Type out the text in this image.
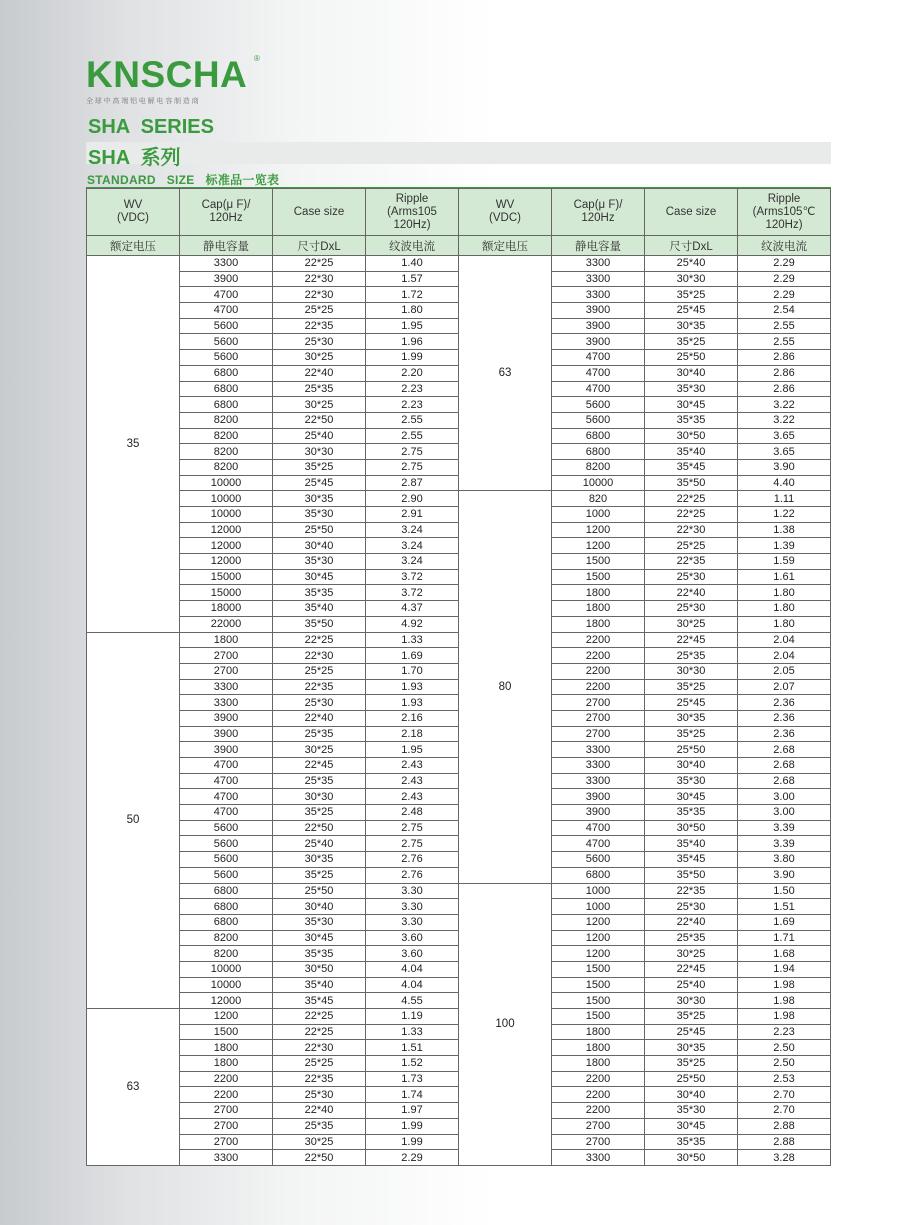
KNSCHA ®
全球中高端铝电解电容制造商
SHA  SERIES
SHA  系列
STANDARD   SIZE   标准品一览表
WV
(VDC)	Cap(μ F)/
120Hz	Case size	Ripple
(Arms105
120Hz)	WV
(VDC)	Cap(μ F)/
120Hz	Case size	Ripple
(Arms105℃
120Hz)
额定电压	静电容量	尺寸DxL	纹波电流	额定电压	静电容量	尺寸DxL	纹波电流
35	3300	22*25	1.40	63	3300	25*40	2.29
	3900	22*30	1.57		3300	30*30	2.29
	4700	22*30	1.72		3300	35*25	2.29
	4700	25*25	1.80		3900	25*45	2.54
	5600	22*35	1.95		3900	30*35	2.55
	5600	25*30	1.96		3900	35*25	2.55
	5600	30*25	1.99		4700	25*50	2.86
	6800	22*40	2.20		4700	30*40	2.86
	6800	25*35	2.23		4700	35*30	2.86
	6800	30*25	2.23		5600	30*45	3.22
	8200	22*50	2.55		5600	35*35	3.22
	8200	25*40	2.55		6800	30*50	3.65
	8200	30*30	2.75		6800	35*40	3.65
	8200	35*25	2.75		8200	35*45	3.90
	10000	25*45	2.87		10000	35*50	4.40
	10000	30*35	2.90	80	820	22*25	1.11
	10000	35*30	2.91		1000	22*25	1.22
	12000	25*50	3.24		1200	22*30	1.38
	12000	30*40	3.24		1200	25*25	1.39
	12000	35*30	3.24		1500	22*35	1.59
	15000	30*45	3.72		1500	25*30	1.61
	15000	35*35	3.72		1800	22*40	1.80
	18000	35*40	4.37		1800	25*30	1.80
	22000	35*50	4.92		1800	30*25	1.80
50	1800	22*25	1.33		2200	22*45	2.04
	2700	22*30	1.69		2200	25*35	2.04
	2700	25*25	1.70		2200	30*30	2.05
	3300	22*35	1.93		2200	35*25	2.07
	3300	25*30	1.93		2700	25*45	2.36
	3900	22*40	2.16		2700	30*35	2.36
	3900	25*35	2.18		2700	35*25	2.36
	3900	30*25	1.95		3300	25*50	2.68
	4700	22*45	2.43		3300	30*40	2.68
	4700	25*35	2.43		3300	35*30	2.68
	4700	30*30	2.43		3900	30*45	3.00
	4700	35*25	2.48		3900	35*35	3.00
	5600	22*50	2.75		4700	30*50	3.39
	5600	25*40	2.75		4700	35*40	3.39
	5600	30*35	2.76		5600	35*45	3.80
	5600	35*25	2.76		6800	35*50	3.90
	6800	25*50	3.30	100	1000	22*35	1.50
	6800	30*40	3.30		1000	25*30	1.51
	6800	35*30	3.30		1200	22*40	1.69
	8200	30*45	3.60		1200	25*35	1.71
	8200	35*35	3.60		1200	30*25	1.68
	10000	30*50	4.04		1500	22*45	1.94
	10000	35*40	4.04		1500	25*40	1.98
	12000	35*45	4.55		1500	30*30	1.98
63	1200	22*25	1.19		1500	35*25	1.98
	1500	22*25	1.33		1800	25*45	2.23
	1800	22*30	1.51		1800	30*35	2.50
	1800	25*25	1.52		1800	35*25	2.50
	2200	22*35	1.73		2200	25*50	2.53
	2200	25*30	1.74		2200	30*40	2.70
	2700	22*40	1.97		2200	35*30	2.70
	2700	25*35	1.99		2700	30*45	2.88
	2700	30*25	1.99		2700	35*35	2.88
	3300	22*50	2.29		3300	30*50	3.28
